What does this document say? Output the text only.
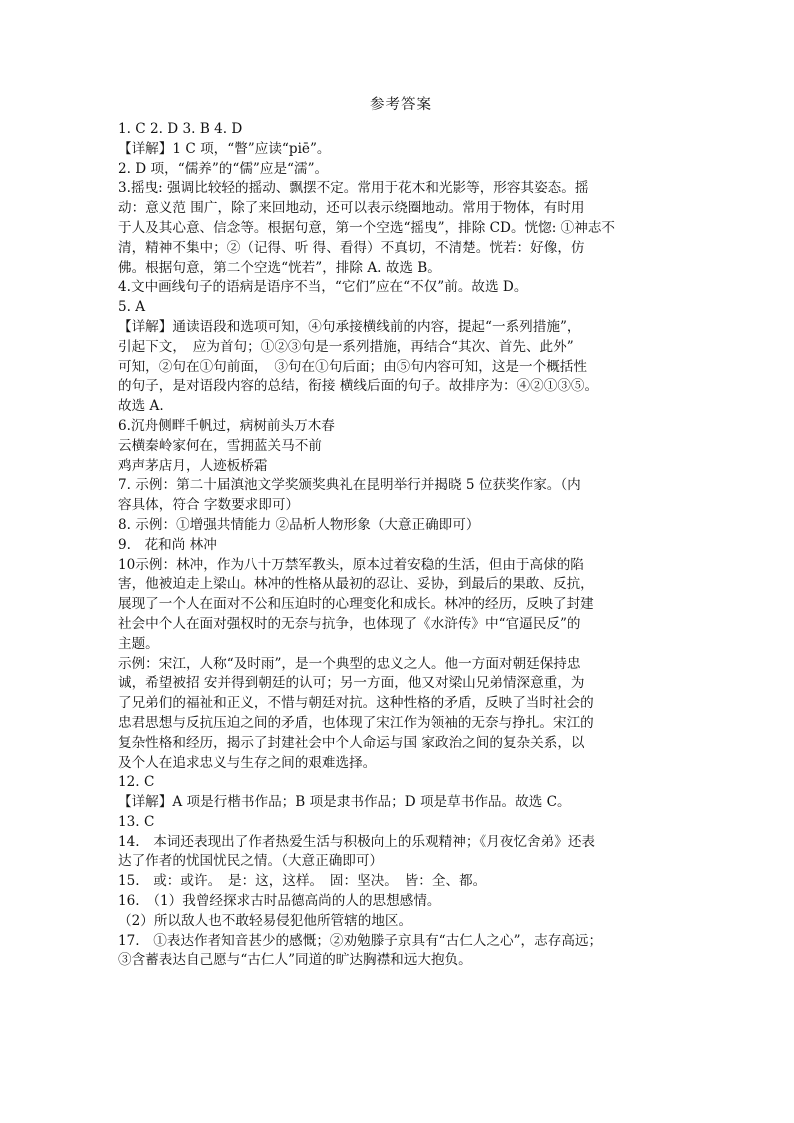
参考答案
1. C 2. D 3. B 4. D
【详解】1 C 项，“瞥”应读“piē”。
2. D 项，“儒养”的“儒”应是“濡”。
3.摇曳: 强调比较轻的摇动、飘摆不定。常用于花木和光影等，形容其姿态。摇
动：意义范 围广，除了来回地动，还可以表示绕圈地动。常用于物体，有时用
于人及其心意、信念等。根据句意，第一个空选“摇曳”，排除 CD。恍惚: ①神志不
清，精神不集中；②（记得、听 得、看得）不真切，不清楚。恍若：好像，仿
佛。根据句意，第二个空选“恍若”，排除 A. 故选 B。
4.文中画线句子的语病是语序不当，“它们”应在“不仅”前。故选 D。
5. A
【详解】通读语段和选项可知，④句承接横线前的内容，提起“一系列措施”，
引起下文，　应为首句；①②③句是一系列措施，再结合“其次、首先、此外”
可知，②句在①句前面，　③句在①句后面；由⑤句内容可知，这是一个概括性
的句子，是对语段内容的总结，衔接 横线后面的句子。故排序为：④②①③⑤。
故选 A.
6.沉舟侧畔千帆过，病树前头万木春
云横秦岭家何在，雪拥蓝关马不前
鸡声茅店月，人迹板桥霜
7. 示例：第二十届滇池文学奖颁奖典礼在昆明举行并揭晓 5 位获奖作家。（内
容具体，符合 字数要求即可）
8. 示例：①增强共情能力 ②品析人物形象（大意正确即可）
9.　花和尚 林冲
10示例：林冲，作为八十万禁军教头，原本过着安稳的生活，但由于高俅的陷
害，他被迫走上梁山。林冲的性格从最初的忍让、妥协，到最后的果敢、反抗，
展现了一个人在面对不公和压迫时的心理变化和成长。林冲的经历，反映了封建
社会中个人在面对强权时的无奈与抗争，也体现了《水浒传》中“官逼民反”的
主题。
示例：宋江，人称“及时雨”，是一个典型的忠义之人。他一方面对朝廷保持忠
诚，希望被招 安并得到朝廷的认可；另一方面，他又对梁山兄弟情深意重，为
了兄弟们的福祉和正义，不惜与朝廷对抗。这种性格的矛盾，反映了当时社会的
忠君思想与反抗压迫之间的矛盾，也体现了宋江作为领袖的无奈与挣扎。宋江的
复杂性格和经历，揭示了封建社会中个人命运与国 家政治之间的复杂关系，以
及个人在追求忠义与生存之间的艰难选择。
12. C
【详解】A 项是行楷书作品；B 项是隶书作品；D 项是草书作品。故选 C。
13. C
14.　本词还表现出了作者热爱生活与积极向上的乐观精神；《月夜忆舍弟》还表
达了作者的忧国忧民之情。（大意正确即可）
15.　或：或许。　是：这，这样。　固：坚决。　皆：全、都。
16.　（1）我曾经探求古时品德高尚的人的思想感情。
（2）所以敌人也不敢轻易侵犯他所管辖的地区。
17.　①表达作者知音甚少的感慨；②劝勉滕子京具有“古仁人之心”，志存高远；
③含蓄表达自己愿与“古仁人”同道的旷达胸襟和远大抱负。
